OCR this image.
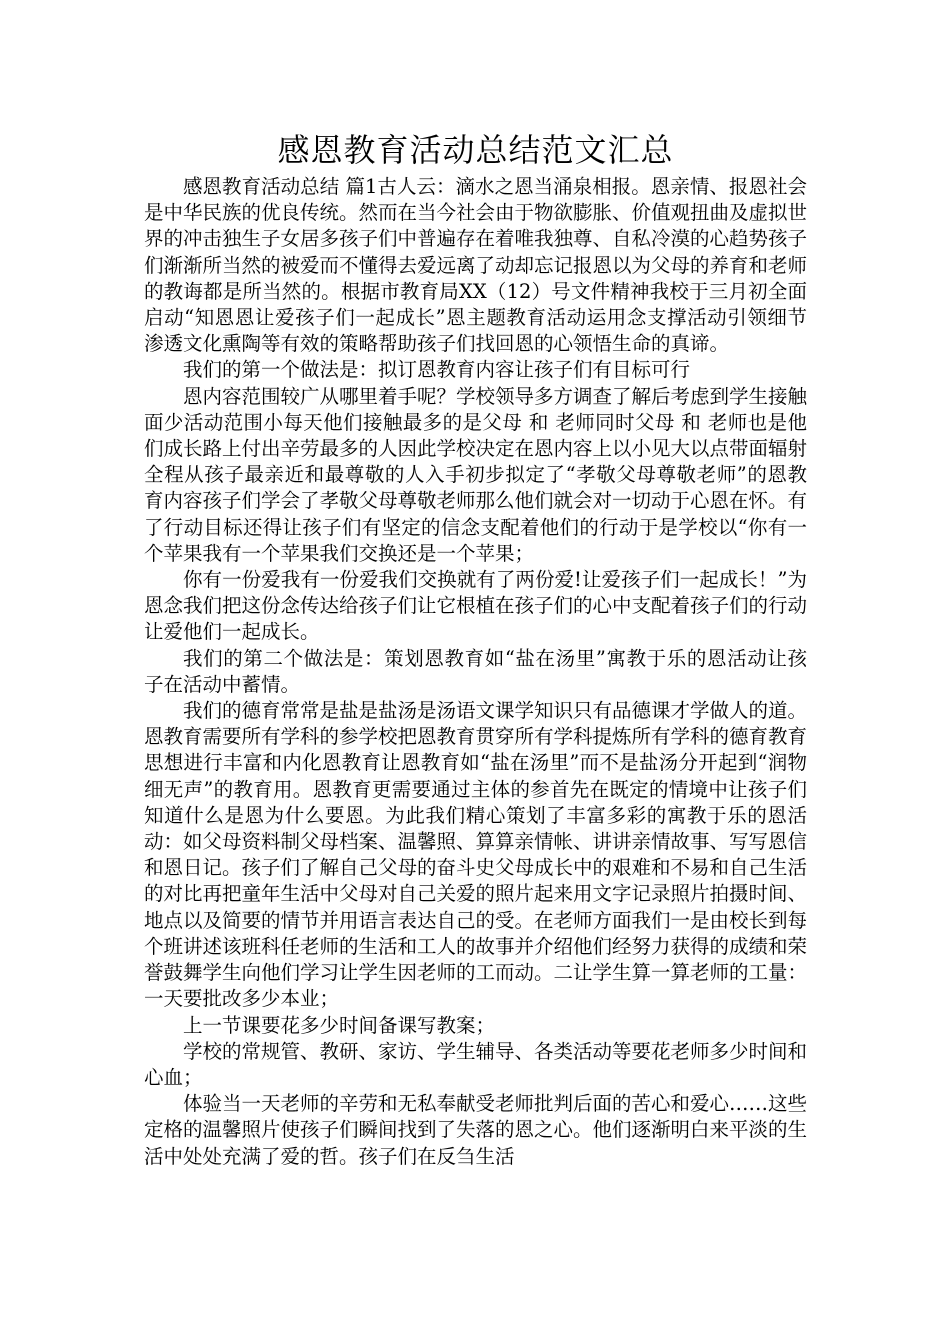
感恩教育活动总结范文汇总

感恩教育活动总结 篇1古人云：滴水之恩当涌泉相报。恩亲情、报恩社会是中华民族的优良传统。然而在当今社会由于物欲膨胀、价值观扭曲及虚拟世界的冲击独生子女居多孩子们中普遍存在着唯我独尊、自私冷漠的心趋势孩子们渐渐所当然的被爱而不懂得去爱远离了动却忘记报恩以为父母的养育和老师的教诲都是所当然的。根据市教育局XX（12）号文件精神我校于三月初全面启动“知恩恩让爱孩子们一起成长”恩主题教育活动运用念支撑活动引领细节渗透文化熏陶等有效的策略帮助孩子们找回恩的心领悟生命的真谛。

我们的第一个做法是：拟订恩教育内容让孩子们有目标可行

恩内容范围较广从哪里着手呢？学校领导多方调查了解后考虑到学生接触面少活动范围小每天他们接触最多的是父母 和 老师同时父母 和 老师也是他们成长路上付出辛劳最多的人因此学校决定在恩内容上以小见大以点带面辐射全程从孩子最亲近和最尊敬的人入手初步拟定了“孝敬父母尊敬老师”的恩教育内容孩子们学会了孝敬父母尊敬老师那么他们就会对一切动于心恩在怀。有了行动目标还得让孩子们有坚定的信念支配着他们的行动于是学校以“你有一个苹果我有一个苹果我们交换还是一个苹果；

你有一份爱我有一份爱我们交换就有了两份爱!让爱孩子们一起成长！”为恩念我们把这份念传达给孩子们让它根植在孩子们的心中支配着孩子们的行动让爱他们一起成长。

我们的第二个做法是：策划恩教育如“盐在汤里”寓教于乐的恩活动让孩子在活动中蓄情。

我们的德育常常是盐是盐汤是汤语文课学知识只有品德课才学做人的道。恩教育需要所有学科的参学校把恩教育贯穿所有学科提炼所有学科的德育教育思想进行丰富和内化恩教育让恩教育如“盐在汤里”而不是盐汤分开起到“润物细无声”的教育用。恩教育更需要通过主体的参首先在既定的情境中让孩子们知道什么是恩为什么要恩。为此我们精心策划了丰富多彩的寓教于乐的恩活动：如父母资料制父母档案、温馨照、算算亲情帐、讲讲亲情故事、写写恩信和恩日记。孩子们了解自己父母的奋斗史父母成长中的艰难和不易和自己生活的对比再把童年生活中父母对自己关爱的照片起来用文字记录照片拍摄时间、地点以及简要的情节并用语言表达自己的受。在老师方面我们一是由校长到每个班讲述该班科任老师的生活和工人的故事并介绍他们经努力获得的成绩和荣誉鼓舞学生向他们学习让学生因老师的工而动。二让学生算一算老师的工量：一天要批改多少本业；

上一节课要花多少时间备课写教案；

学校的常规管、教研、家访、学生辅导、各类活动等要花老师多少时间和心血；

体验当一天老师的辛劳和无私奉献受老师批判后面的苦心和爱心……这些定格的温馨照片使孩子们瞬间找到了失落的恩之心。他们逐渐明白来平淡的生活中处处充满了爱的哲。孩子们在反刍生活
